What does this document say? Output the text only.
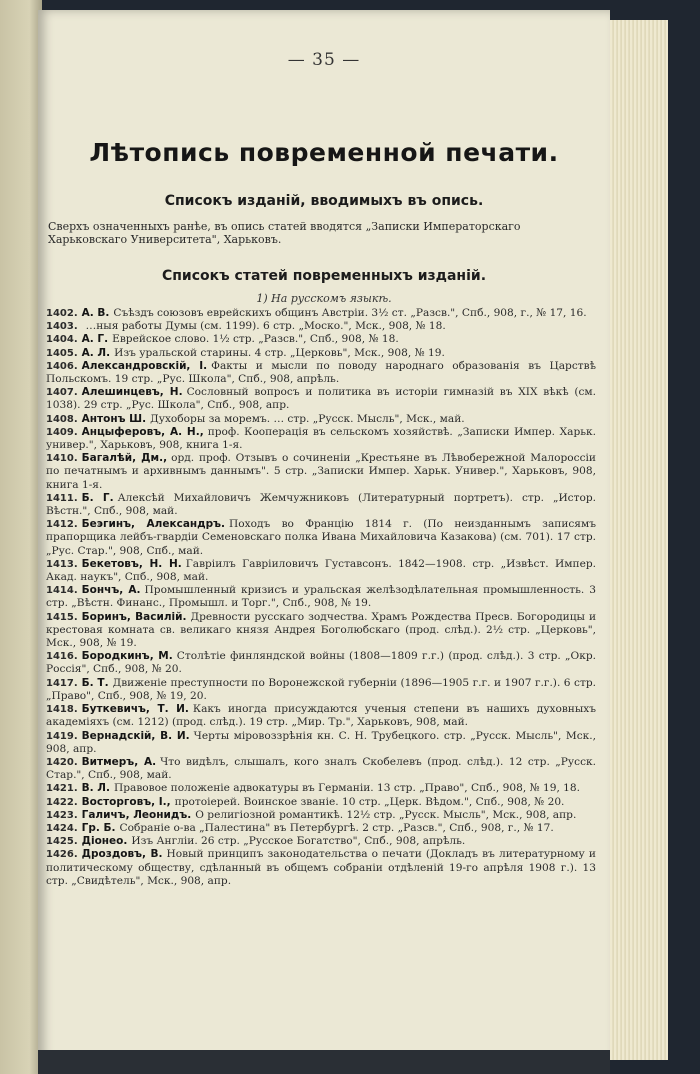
— 35 —
Лѣтопись повременной печати.
Списокъ изданій, вводимыхъ въ опись.
Сверхъ означенныхъ ранѣе, въ опись статей вводятся „Записки Императорскаго Харьковскаго Университета", Харьковъ.
Списокъ статей повременныхъ изданій.
1) На русскомъ языкѣ.
1402. А. В. Съѣздъ союзовъ еврейскихъ общинъ Австріи. 3½ ст. „Разсв.", Спб., 908, г., № 17, 16.
1403. …ныя работы Думы (см. 1199). 6 стр. „Моско.", Мск., 908, № 18.
1404. А. Г. Еврейское слово. 1½ стр. „Разсв.", Спб., 908, № 18.
1405. А. Л. Изъ уральской старины. 4 стр. „Церковь", Мск., 908, № 19.
1406. Александровскій, І. Факты и мысли по поводу народнаго образованія въ Царствѣ Польскомъ. 19 стр. „Рус. Школа", Спб., 908, апрѣль.
1407. Алешинцевъ, Н. Сословный вопросъ и политика въ исторіи гимназій въ XIX вѣкѣ (см. 1038). 29 стр. „Рус. Школа", Спб., 908, апр.
1408. Антонъ Ш. Духоборы за моремъ. … стр. „Русск. Мысль", Мск., май.
1409. Анцыферовъ, А. Н., проф. Кооперація въ сельскомъ хозяйствѣ. „Записки Импер. Харьк. универ.", Харьковъ, 908, книга 1-я.
1410. Багалѣй, Дм., орд. проф. Отзывъ о сочиненіи „Крестьяне въ Лѣвобережной Малороссіи по печатнымъ и архивнымъ даннымъ". 5 стр. „Записки Импер. Харьк. Универ.", Харьковъ, 908, книга 1-я.
1411. Б. Г. Алексѣй Михайловичъ Жемчужниковъ (Литературный портретъ). стр. „Истор. Вѣстн.", Спб., 908, май.
1412. Беэгинъ, Александръ. Походъ во Францію 1814 г. (По неизданнымъ записямъ прапорщика лейбъ-гвардіи Семеновскаго полка Ивана Михайловича Казакова) (см. 701). 17 стр. „Рус. Стар.", 908, Спб., май.
1413. Бекетовъ, Н. Н. Гавріилъ Гавріиловичъ Густавсонъ. 1842—1908. стр. „Извѣст. Импер. Акад. наукъ", Спб., 908, май.
1414. Бончъ, А. Промышленный кризисъ и уральская желѣзодѣлательная промышленность. 3 стр. „Вѣстн. Финанс., Промышл. и Торг.", Спб., 908, № 19.
1415. Боринъ, Василій. Древности русскаго зодчества. Храмъ Рождества Пресв. Богородицы и крестовая комната св. великаго князя Андрея Боголюбскаго (прод. слѣд.). 2½ стр. „Церковь", Мск., 908, № 19.
1416. Бородкинъ, М. Столѣтіе финляндской войны (1808—1809 г.г.) (прод. слѣд.). 3 стр. „Окр. Россія", Спб., 908, № 20.
1417. Б. Т. Движеніе преступности по Воронежской губерніи (1896—1905 г.г. и 1907 г.г.). 6 стр. „Право", Спб., 908, № 19, 20.
1418. Буткевичъ, Т. И. Какъ иногда присуждаются ученыя степени въ нашихъ духовныхъ академіяхъ (см. 1212) (прод. слѣд.). 19 стр. „Мир. Тр.", Харьковъ, 908, май.
1419. Вернадскій, В. И. Черты міровоззрѣнія кн. С. Н. Трубецкого. стр. „Русск. Мысль", Мск., 908, апр.
1420. Витмеръ, А. Что видѣлъ, слышалъ, кого зналъ Скобелевъ (прод. слѣд.). 12 стр. „Русск. Стар.", Спб., 908, май.
1421. В. Л. Правовое положеніе адвокатуры въ Германіи. 13 стр. „Право", Спб., 908, № 19, 18.
1422. Восторговъ, І., протоіерей. Воинское званіе. 10 стр. „Церк. Вѣдом.", Спб., 908, № 20.
1423. Галичъ, Леонидъ. О религіозной романтикѣ. 12½ стр. „Русск. Мысль", Мск., 908, апр.
1424. Гр. Б. Собраніе о-ва „Палестина" въ Петербургѣ. 2 стр. „Разсв.", Спб., 908, г., № 17.
1425. Діонео. Изъ Англіи. 26 стр. „Русское Богатство", Спб., 908, апрѣль.
1426. Дроздовъ, В. Новый принципъ законодательства о печати (Докладъ въ литературному и политическому обществу, сдѣланный въ общемъ собраніи отдѣленій 19-го апрѣля 1908 г.). 13 стр. „Свидѣтель", Мск., 908, апр.
